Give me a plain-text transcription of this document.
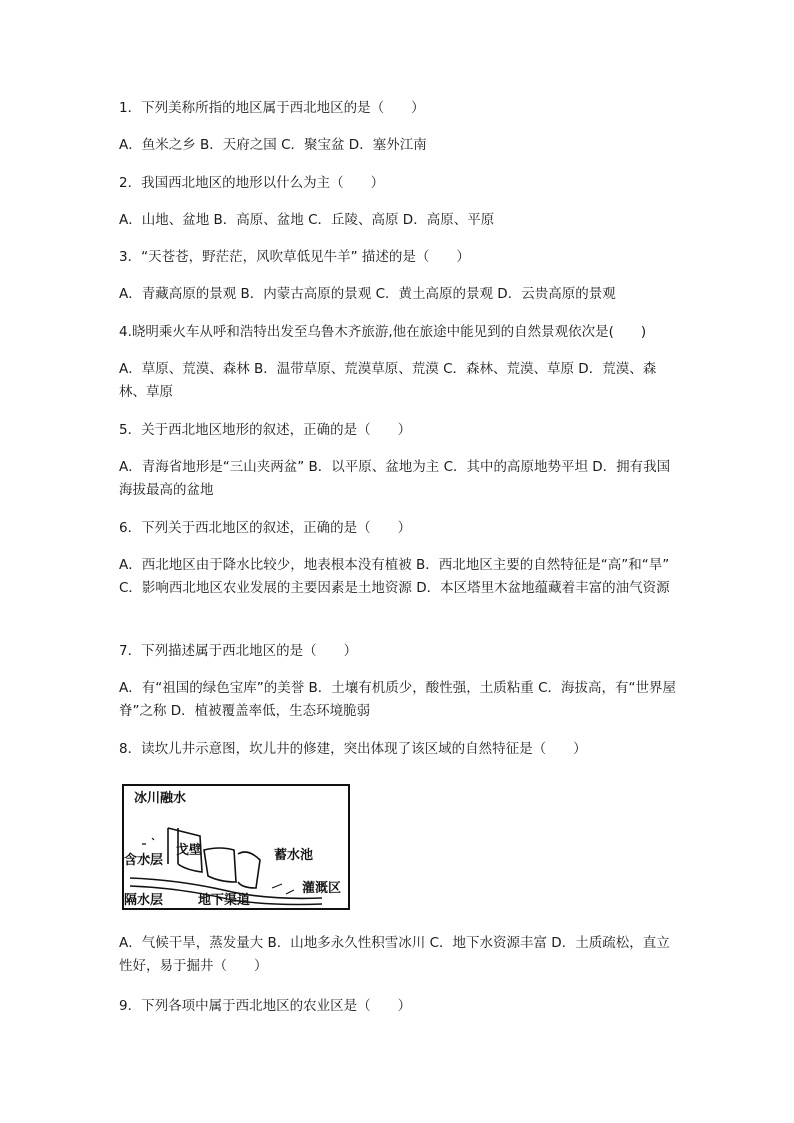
1．下列美称所指的地区属于西北地区的是（　　）
A．鱼米之乡 B．天府之国 C．聚宝盆 D．塞外江南
2．我国西北地区的地形以什么为主（　　）
A．山地、盆地 B．高原、盆地 C．丘陵、高原 D．高原、平原
3．“天苍苍，野茫茫，风吹草低见牛羊” 描述的是（　　）
A．青藏高原的景观 B．内蒙古高原的景观 C．黄土高原的景观 D．云贵高原的景观
4.晓明乘火车从呼和浩特出发至乌鲁木齐旅游,他在旅途中能见到的自然景观依次是(　　)
A．草原、荒漠、森林 B．温带草原、荒漠草原、荒漠 C．森林、荒漠、草原 D．荒漠、森林、草原
5．关于西北地区地形的叙述，正确的是（　　）
A．青海省地形是“三山夹两盆” B．以平原、盆地为主 C．其中的高原地势平坦 D．拥有我国海拔最高的盆地
6．下列关于西北地区的叙述，正确的是（　　）
A．西北地区由于降水比较少，地表根本没有植被 B．西北地区主要的自然特征是“高”和“旱” C．影响西北地区农业发展的主要因素是土地资源 D．本区塔里木盆地蕴藏着丰富的油气资源
7．下列描述属于西北地区的是（　　）
A．有“祖国的绿色宝库”的美誉 B．土壤有机质少，酸性强，土质粘重 C．海拔高，有“世界屋脊”之称 D．植被覆盖率低，生态环境脆弱
8．读坎儿井示意图，坎儿井的修建，突出体现了该区域的自然特征是（　　）
冰川融水
戈壁
含水层	蓄水池
隔水层	地下渠道
灌溉区
A．气候干旱，蒸发量大 B．山地多永久性积雪冰川 C．地下水资源丰富 D．土质疏松，直立性好，易于掘井（　　）
9．下列各项中属于西北地区的农业区是（　　）
